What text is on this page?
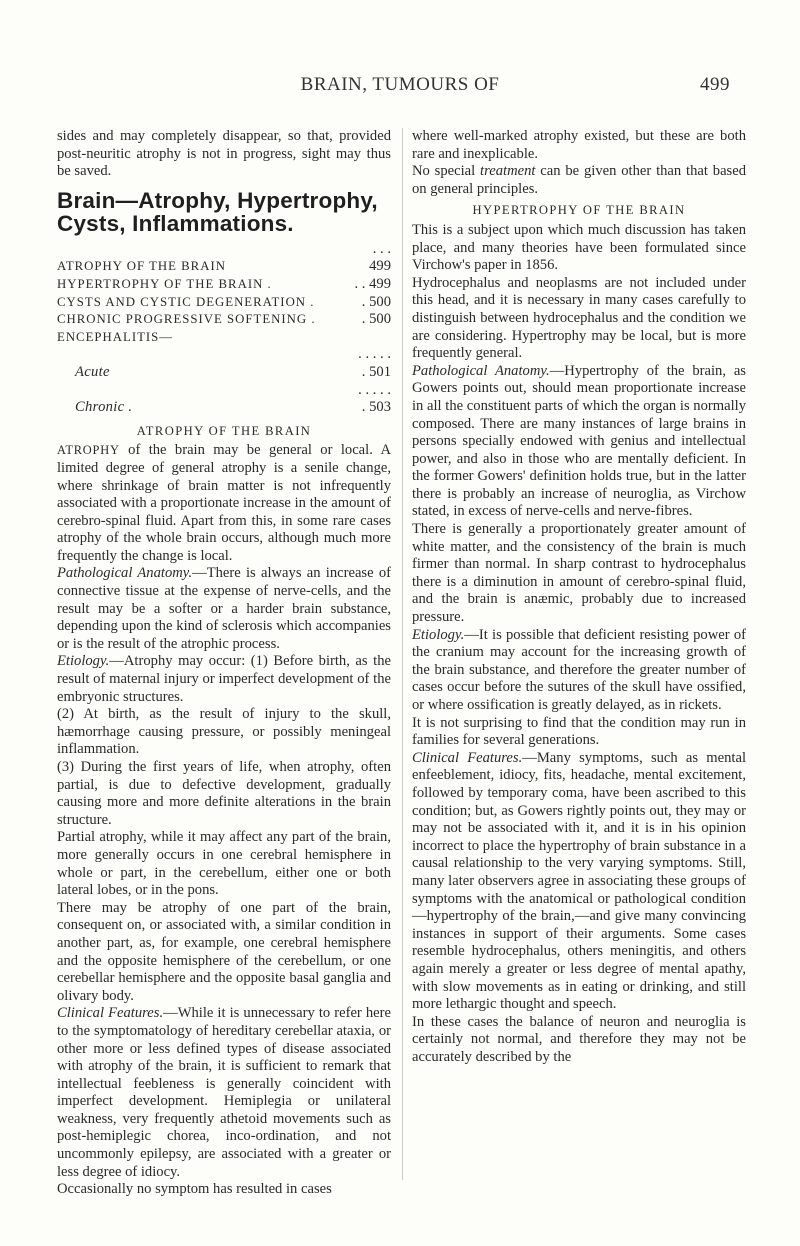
BRAIN, TUMOURS OF	499

sides and may completely disappear, so that, provided post-neuritic atrophy is not in progress, sight may thus be saved.

Brain—Atrophy, Hypertrophy, Cysts, Inflammations.
ATROPHY OF THE BRAIN	. . . 499
HYPERTROPHY OF THE BRAIN .	. . 499
CYSTS AND CYSTIC DEGENERATION .	. 500
CHRONIC PROGRESSIVE SOFTENING .	. 500
ENCEPHALITIS—	
Acute	. . . . . . 501
Chronic .	. . . . . . 503
ATROPHY OF THE BRAIN

ATROPHY of the brain may be general or local. A limited degree of general atrophy is a senile change, where shrinkage of brain matter is not infrequently associated with a proportionate increase in the amount of cerebro-spinal fluid. Apart from this, in some rare cases atrophy of the whole brain occurs, although much more frequently the change is local.

Pathological Anatomy.—There is always an increase of connective tissue at the expense of nerve-cells, and the result may be a softer or a harder brain substance, depending upon the kind of sclerosis which accompanies or is the result of the atrophic process.

Etiology.—Atrophy may occur: (1) Before birth, as the result of maternal injury or imperfect development of the embryonic structures.

(2) At birth, as the result of injury to the skull, hæmorrhage causing pressure, or possibly meningeal inflammation.

(3) During the first years of life, when atrophy, often partial, is due to defective development, gradually causing more and more definite alterations in the brain structure.

Partial atrophy, while it may affect any part of the brain, more generally occurs in one cerebral hemisphere in whole or part, in the cerebellum, either one or both lateral lobes, or in the pons.

There may be atrophy of one part of the brain, consequent on, or associated with, a similar condition in another part, as, for example, one cerebral hemisphere and the opposite hemisphere of the cerebellum, or one cerebellar hemisphere and the opposite basal ganglia and olivary body.

Clinical Features.—While it is unnecessary to refer here to the symptomatology of hereditary cerebellar ataxia, or other more or less defined types of disease associated with atrophy of the brain, it is sufficient to remark that intellectual feebleness is generally coincident with imperfect development. Hemiplegia or unilateral weakness, very frequently athetoid movements such as post-hemiplegic chorea, inco-ordination, and not uncommonly epilepsy, are associated with a greater or less degree of idiocy.

Occasionally no symptom has resulted in cases

where well-marked atrophy existed, but these are both rare and inexplicable.

No special treatment can be given other than that based on general principles.

HYPERTROPHY OF THE BRAIN

This is a subject upon which much discussion has taken place, and many theories have been formulated since Virchow's paper in 1856.

Hydrocephalus and neoplasms are not included under this head, and it is necessary in many cases carefully to distinguish between hydrocephalus and the condition we are considering. Hypertrophy may be local, but is more frequently general.

Pathological Anatomy.—Hypertrophy of the brain, as Gowers points out, should mean proportionate increase in all the constituent parts of which the organ is normally composed. There are many instances of large brains in persons specially endowed with genius and intellectual power, and also in those who are mentally deficient. In the former Gowers' definition holds true, but in the latter there is probably an increase of neuroglia, as Virchow stated, in excess of nerve-cells and nerve-fibres.

There is generally a proportionately greater amount of white matter, and the consistency of the brain is much firmer than normal. In sharp contrast to hydrocephalus there is a diminution in amount of cerebro-spinal fluid, and the brain is anæmic, probably due to increased pressure.

Etiology.—It is possible that deficient resisting power of the cranium may account for the increasing growth of the brain substance, and therefore the greater number of cases occur before the sutures of the skull have ossified, or where ossification is greatly delayed, as in rickets.

It is not surprising to find that the condition may run in families for several generations.

Clinical Features.—Many symptoms, such as mental enfeeblement, idiocy, fits, headache, mental excitement, followed by temporary coma, have been ascribed to this condition; but, as Gowers rightly points out, they may or may not be associated with it, and it is in his opinion incorrect to place the hypertrophy of brain substance in a causal relationship to the very varying symptoms. Still, many later observers agree in associating these groups of symptoms with the anatomical or pathological condition—hypertrophy of the brain,—and give many convincing instances in support of their arguments. Some cases resemble hydrocephalus, others meningitis, and others again merely a greater or less degree of mental apathy, with slow movements as in eating or drinking, and still more lethargic thought and speech.

In these cases the balance of neuron and neuroglia is certainly not normal, and therefore they may not be accurately described by the
